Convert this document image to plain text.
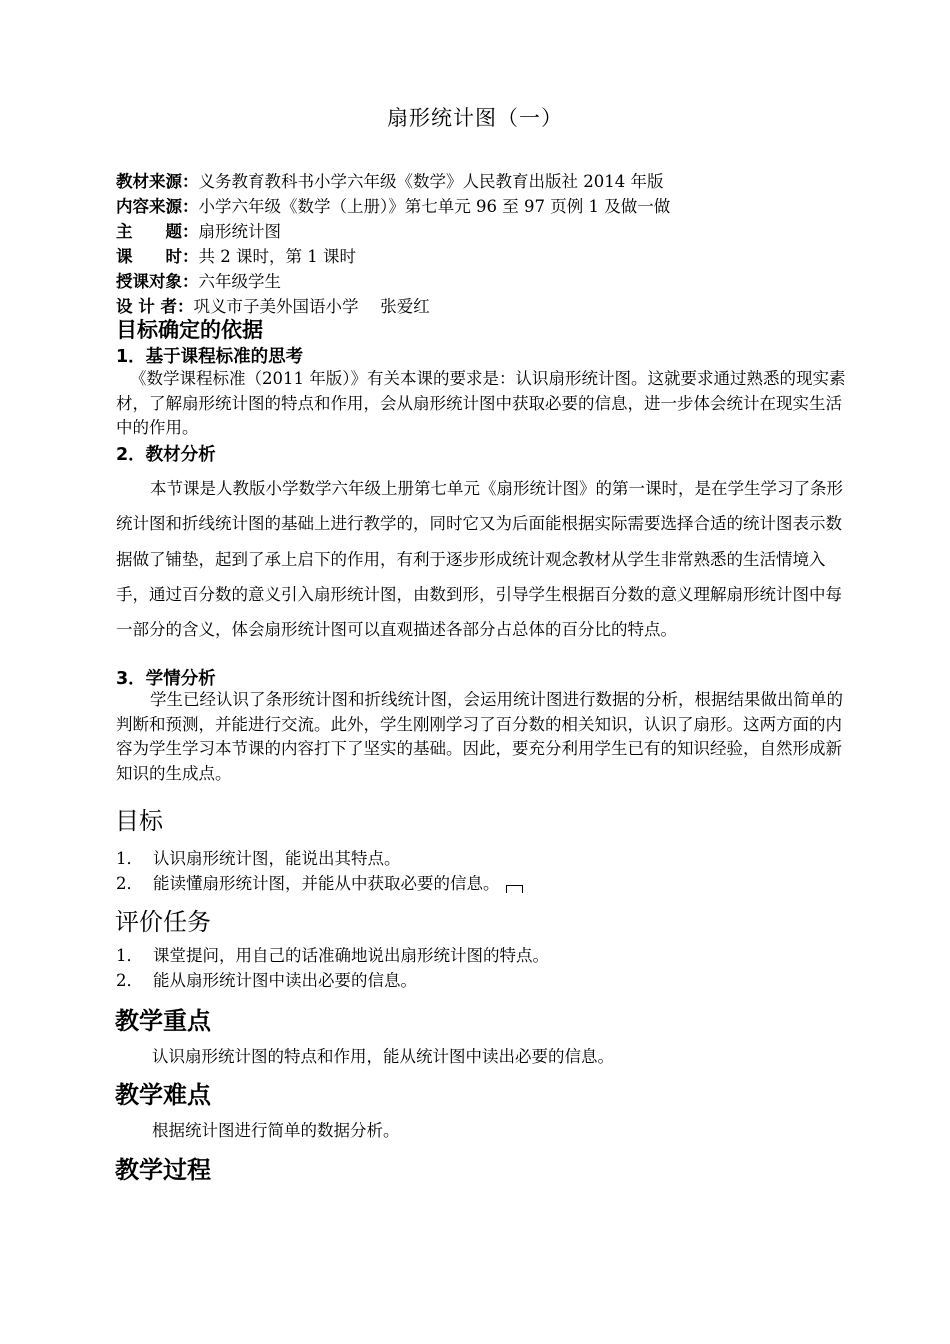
扇形统计图（一）
教材来源：义务教育教科书小学六年级《数学》人民教育出版社 2014 年版
内容来源：小学六年级《数学（上册）》第七单元 96 至 97 页例 1 及做一做
主　　题：扇形统计图
课　　时：共 2 课时，第 1 课时
授课对象：六年级学生
设 计 者：巩义市子美外国语小学　 张爱红
目标确定的依据
1．基于课程标准的思考
《数学课程标准（2011 年版）》有关本课的要求是：认识扇形统计图。这就要求通过熟悉的现实素材，了解扇形统计图的特点和作用，会从扇形统计图中获取必要的信息，进一步体会统计在现实生活中的作用。
2．教材分析
本节课是人教版小学数学六年级上册第七单元《扇形统计图》的第一课时，是在学生学习了条形统计图和折线统计图的基础上进行教学的，同时它又为后面能根据实际需要选择合适的统计图表示数据做了铺垫，起到了承上启下的作用，有利于逐步形成统计观念教材从学生非常熟悉的生活情境入手，通过百分数的意义引入扇形统计图，由数到形，引导学生根据百分数的意义理解扇形统计图中每一部分的含义，体会扇形统计图可以直观描述各部分占总体的百分比的特点。
3．学情分析
学生已经认识了条形统计图和折线统计图，会运用统计图进行数据的分析，根据结果做出简单的判断和预测，并能进行交流。此外，学生刚刚学习了百分数的相关知识，认识了扇形。这两方面的内容为学生学习本节课的内容打下了坚实的基础。因此，要充分利用学生已有的知识经验，自然形成新知识的生成点。
目标
1． 认识扇形统计图，能说出其特点。
2． 能读懂扇形统计图，并能从中获取必要的信息。
评价任务
1． 课堂提问，用自己的话准确地说出扇形统计图的特点。
2． 能从扇形统计图中读出必要的信息。
教学重点
认识扇形统计图的特点和作用，能从统计图中读出必要的信息。
教学难点
根据统计图进行简单的数据分析。
教学过程
